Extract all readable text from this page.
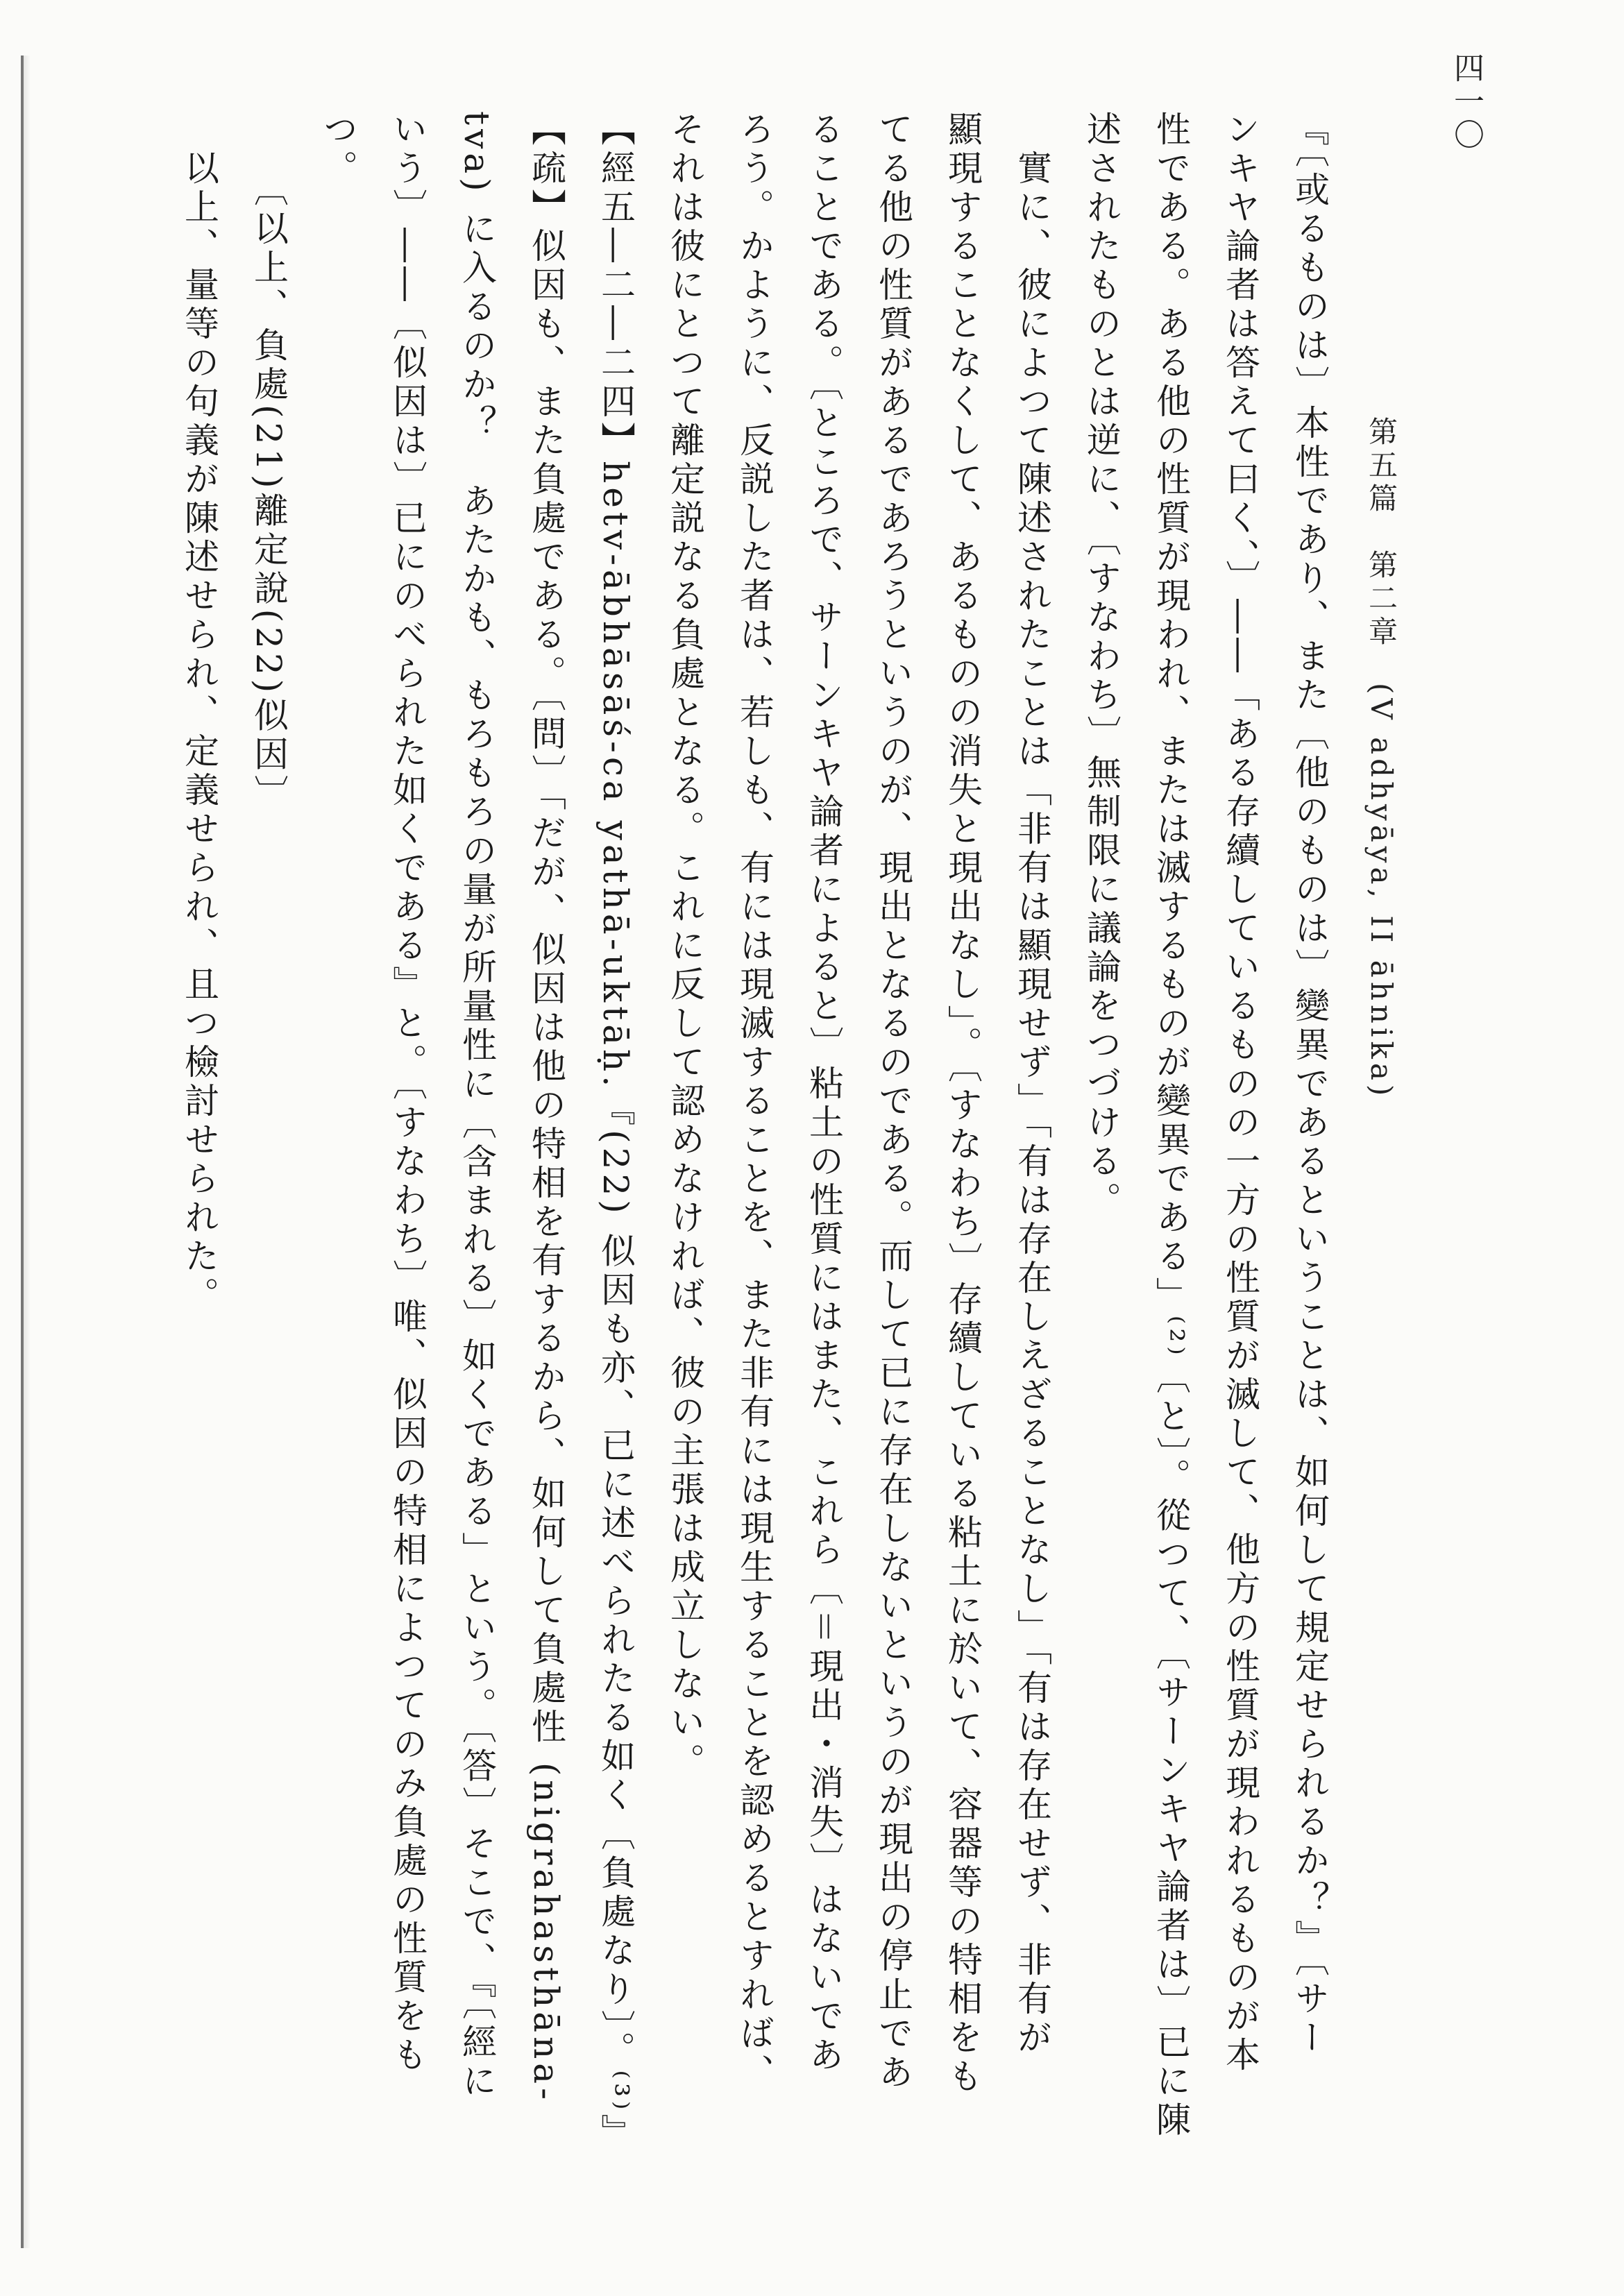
四一〇
第五篇　第二章　(V adhyāya, II āhnika)
『〔或るものは〕本性であり、また〔他のものは〕變異であるということは、如何して規定せられるか？』〔サー
ンキヤ論者は答えて曰く、〕――「ある存續しているものの一方の性質が滅して、他方の性質が現われるものが本
性である。ある他の性質が現われ、または滅するものが變異である」⁽²⁾〔と〕。從つて、〔サーンキヤ論者は〕已に陳
述されたものとは逆に、〔すなわち〕無制限に議論をつづける。
　實に、彼によつて陳述されたことは「非有は顯現せず」「有は存在しえざることなし」「有は存在せず、非有が
顯現することなくして、あるものの消失と現出なし」。〔すなわち〕存續している粘土に於いて、容器等の特相をも
てる他の性質があるであろうというのが、現出となるのである。而して已に存在しないというのが現出の停止であ
ることである。〔ところで、サーンキヤ論者によると〕粘土の性質にはまた、これら〔＝現出・消失〕はないであ
ろう。かように、反説した者は、若しも、有には現滅することを、また非有には現生することを認めるとすれば、
それは彼にとつて離定説なる負處となる。これに反して認めなければ、彼の主張は成立しない。
【經五―二―二四】hetv-ābhāsāś-ca yathā-uktāḥ.『(22) 似因も亦、已に述べられたる如く〔負處なり〕。⁽³⁾』
【疏】似因も、また負處である。〔問〕「だが、似因は他の特相を有するから、如何して負處性 (nigrahasthāna-
tva) に入るのか？　あたかも、もろもろの量が所量性に〔含まれる〕如くである」という。〔答〕そこで、『〔經に
いう〕――〔似因は〕已にのべられた如くである』と。〔すなわち〕唯、似因の特相によつてのみ負處の性質をも
つ。
　　〔以上、負處(21)離定說(22)似因〕
　以上、量等の句義が陳述せられ、定義せられ、且つ檢討せられた。
